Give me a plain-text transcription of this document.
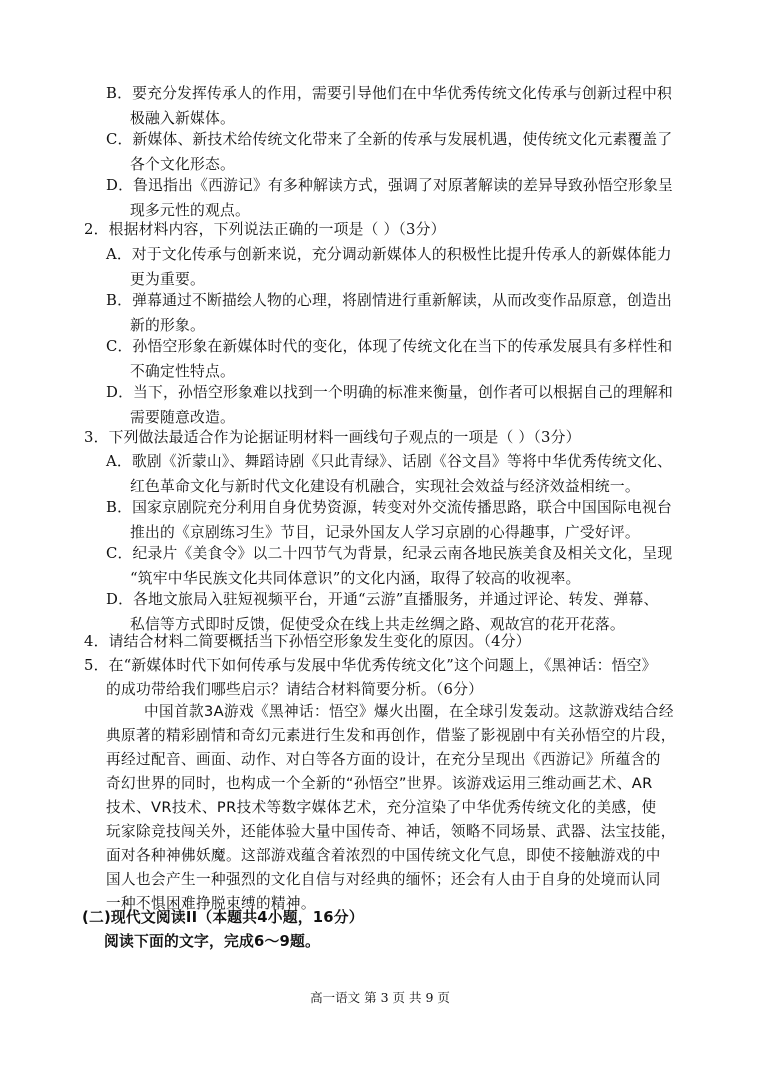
B．要充分发挥传承人的作用，需要引导他们在中华优秀传统文化传承与创新过程中积
极融入新媒体。
C．新媒体、新技术给传统文化带来了全新的传承与发展机遇，使传统文化元素覆盖了
各个文化形态。
D．鲁迅指出《西游记》有多种解读方式，强调了对原著解读的差异导致孙悟空形象呈
现多元性的观点。
2．根据材料内容，下列说法正确的一项是（ ）（3分）
A．对于文化传承与创新来说，充分调动新媒体人的积极性比提升传承人的新媒体能力
更为重要。
B．弹幕通过不断描绘人物的心理，将剧情进行重新解读，从而改变作品原意，创造出
新的形象。
C．孙悟空形象在新媒体时代的变化，体现了传统文化在当下的传承发展具有多样性和
不确定性特点。
D．当下，孙悟空形象难以找到一个明确的标准来衡量，创作者可以根据自己的理解和
需要随意改造。
3．下列做法最适合作为论据证明材料一画线句子观点的一项是（ ）（3分）
A．歌剧《沂蒙山》、舞蹈诗剧《只此青绿》、话剧《谷文昌》等将中华优秀传统文化、
红色革命文化与新时代文化建设有机融合，实现社会效益与经济效益相统一。
B．国家京剧院充分利用自身优势资源，转变对外交流传播思路，联合中国国际电视台
推出的《京剧练习生》节目，记录外国友人学习京剧的心得趣事，广受好评。
C．纪录片《美食令》以二十四节气为背景，纪录云南各地民族美食及相关文化，呈现
“筑牢中华民族文化共同体意识”的文化内涵，取得了较高的收视率。
D．各地文旅局入驻短视频平台，开通“云游”直播服务，并通过评论、转发、弹幕、
私信等方式即时反馈，促使受众在线上共走丝绸之路、观故宫的花开花落。
4．请结合材料二简要概括当下孙悟空形象发生变化的原因。（4分）
5．在“新媒体时代下如何传承与发展中华优秀传统文化”这个问题上，《黑神话：悟空》
的成功带给我们哪些启示？请结合材料简要分析。（6分）
中国首款3A游戏《黑神话：悟空》爆火出圈，在全球引发轰动。这款游戏结合经
典原著的精彩剧情和奇幻元素进行生发和再创作，借鉴了影视剧中有关孙悟空的片段，
再经过配音、画面、动作、对白等各方面的设计，在充分呈现出《西游记》所蕴含的
奇幻世界的同时，也构成一个全新的“孙悟空”世界。该游戏运用三维动画艺术、AR
技术、VR技术、PR技术等数字媒体艺术，充分渲染了中华优秀传统文化的美感，使
玩家除竞技闯关外，还能体验大量中国传奇、神话，领略不同场景、武器、法宝技能，
面对各种神佛妖魔。这部游戏蕴含着浓烈的中国传统文化气息，即使不接触游戏的中
国人也会产生一种强烈的文化自信与对经典的缅怀；还会有人由于自身的处境而认同
一种不惧困难挣脱束缚的精神。
(二)现代文阅读II（本题共4小题，16分）
阅读下面的文字，完成6～9题。
高一语文 第 3 页 共 9 页
